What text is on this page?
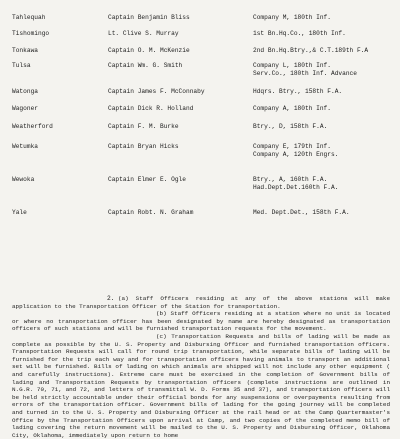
Tahlequah	Captain Benjamin Bliss	Company M, 180th Inf.
Tishomingo	Lt. Clive S. Murray	1st Bn.Hq.Co., 180th Inf.
Tonkawa	Captain O. M. McKenzie	2nd Bn.Hq.Btry.,& C.T.189th F.A
Tulsa	Captain Wm. G. Smith	Company L, 180th Inf.
Serv.Co., 180th Inf. Advance
Watonga	Captain James F. McConnaby	Hdqrs. Btry., 158th F.A.
Wagoner	Captain Dick R. Holland	Company A, 180th Inf.
Weatherford	Captain F. M. Burke	Btry., D, 158th F.A.
Wetumka	Captain Bryan Hicks	Company E, 179th Inf.
Company A, 120th Engrs.
Wewoka	Captain Elmer E. Ogle	Btry., A, 160th F.A.
Had.Dept.Det.160th F.A.
Yale	Captain Robt. N. Graham	Med. Dept.Det., 158th F.A.
2. (a) Staff Officers residing at any of the above stations will make application to the Transportation Officer of the Station for transportation.

(b) Staff Officers residing at a station where no unit is located or where no transportation officer has been designated by name are hereby designated as transportation officers of such stations and will be furnished transportation requests for the movement.

(c) Transportation Requests and bills of lading will be made as complete as possible by the U. S. Property and Disbursing Officer and furnished transportation officers. Transportation Requests will call for round trip transportation, while separate bills of lading will be furnished for the trip each way and for transportation officers having animals to transport an additional set will be furnished. Bills of lading on which animals are shipped will not include any other equipment ( and carefully instructions). Extreme care must be exercised in the completion of Government bills of lading and Transportation Requests by transportation officers (complete instructions are outlined in N.G.R. 70, 71, and 72, and letters of transmittal W. D. Forms 35 and 37), and transportation officers will be held strictly accountable under their official bonds for any suspensions or overpayments resulting from errors of the transportation officer. Government bills of lading for the going journey will be completed and turned in to the U. S. Property and Disbursing Officer at the rail head or at the Camp Quartermaster's Office by the Transportation Officers upon arrival at Camp, and two copies of the completed memo bill of lading covering the return movement will be mailed to the U. S. Property and Disbursing Officer, Oklahoma City, Oklahoma, immediately upon return to home
